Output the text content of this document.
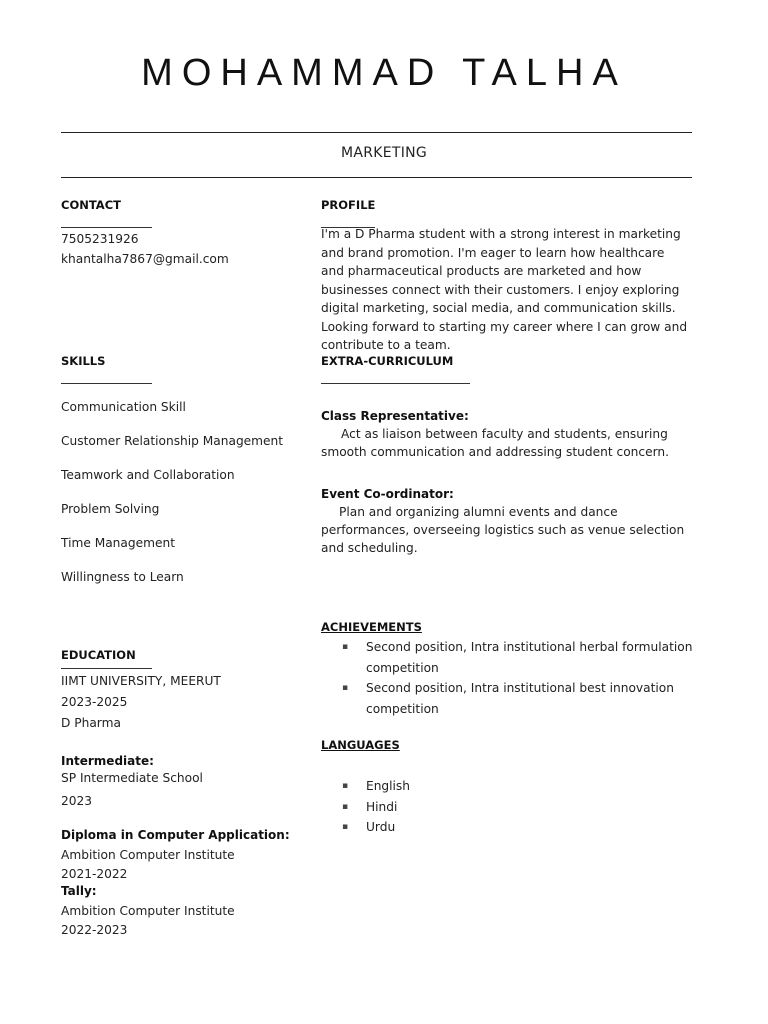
MOHAMMAD TALHA
MARKETING
CONTACT
7505231926
khantalha7867@gmail.com
PROFILE
I'm a D Pharma student with a strong interest in marketing
and brand promotion. I'm eager to learn how healthcare
and pharmaceutical products are marketed and how
businesses connect with their customers. I enjoy exploring
digital marketing, social media, and communication skills.
Looking forward to starting my career where I can grow and
contribute to a team.
SKILLS
Communication Skill
Customer Relationship Management
Teamwork and Collaboration
Problem Solving
Time Management
Willingness to Learn
EXTRA-CURRICULUM
Class Representative:
Act as liaison between faculty and students, ensuring
smooth communication and addressing student concern.
Event Co-ordinator:
Plan and organizing alumni events and dance
performances, overseeing logistics such as venue selection
and scheduling.
ACHIEVEMENTS
▪ Second position, Intra institutional herbal formulation
competition
▪ Second position, Intra institutional best innovation
competition
LANGUAGES
▪ English
▪ Hindi
▪ Urdu
EDUCATION
IIMT UNIVERSITY, MEERUT
2023-2025
D Pharma
Intermediate:
SP Intermediate School
2023
Diploma in Computer Application:
Ambition Computer Institute
2021-2022
Tally:
Ambition Computer Institute
2022-2023
